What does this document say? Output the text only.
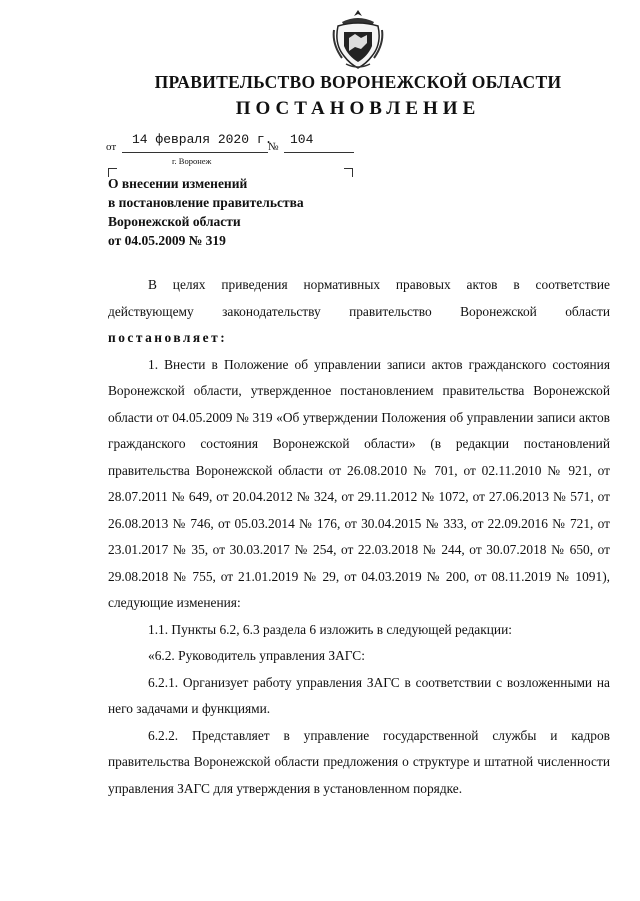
ПРАВИТЕЛЬСТВО ВОРОНЕЖСКОЙ ОБЛАСТИ
ПОСТАНОВЛЕНИЕ
от 14 февраля 2020 г.
№ 104
г. Воронеж
О внесении изменений
в постановление правительства
Воронежской области
от 04.05.2009 № 319

В целях приведения нормативных правовых актов в соответствие

действующему законодательству правительство Воронежской области

постановляет:

1. Внести в Положение об управлении записи актов гражданского состояния Воронежской области, утвержденное постановлением правительства Воронежской области от 04.05.2009 № 319 «Об утверждении Положения об управлении записи актов гражданского состояния Воронежской области» (в редакции постановлений правительства Воронежской области от 26.08.2010 № 701, от 02.11.2010 № 921, от 28.07.2011 № 649, от 20.04.2012 № 324, от 29.11.2012 № 1072, от 27.06.2013 № 571, от 26.08.2013 № 746, от 05.03.2014 № 176, от 30.04.2015 № 333, от 22.09.2016 № 721, от 23.01.2017 № 35, от 30.03.2017 № 254, от 22.03.2018 № 244, от 30.07.2018 № 650, от 29.08.2018 № 755, от 21.01.2019 № 29, от 04.03.2019 № 200, от 08.11.2019 № 1091), следующие изменения:

1.1. Пункты 6.2, 6.3 раздела 6 изложить в следующей редакции:

«6.2. Руководитель управления ЗАГС:

6.2.1. Организует работу управления ЗАГС в соответствии с возложенными на него задачами и функциями.

6.2.2. Представляет в управление государственной службы и кадров правительства Воронежской области предложения о структуре и штатной численности управления ЗАГС для утверждения в установленном порядке.
